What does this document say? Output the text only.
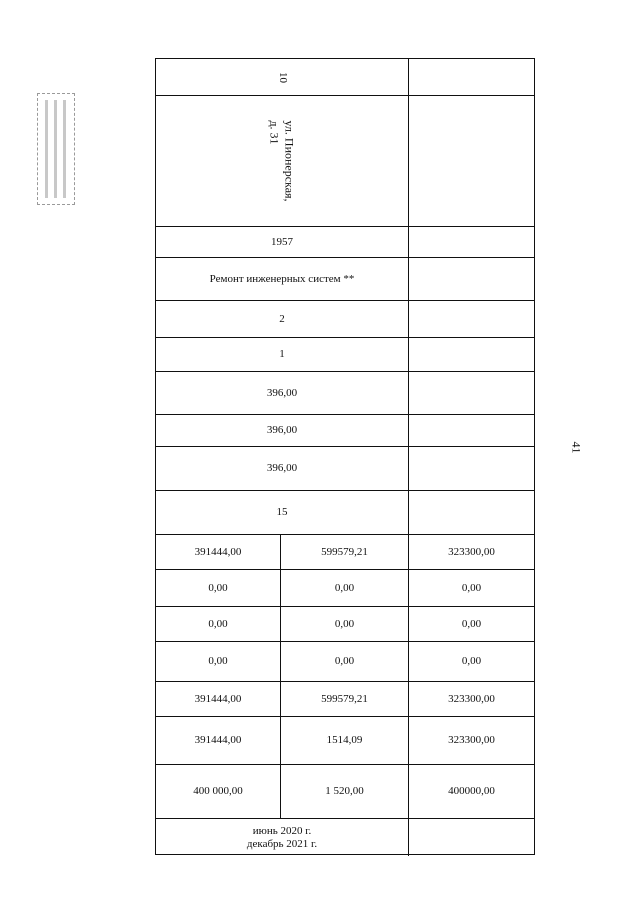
41
10
ул. Пионерская,
д. 31
1957
Ремонт инженерных систем **
2
1
396,00
396,00
396,00
15
391444,00	599579,21	323300,00
0,00	0,00	0,00
0,00	0,00	0,00
0,00	0,00	0,00
391444,00	599579,21	323300,00
391444,00	1514,09	323300,00
400 000,00	1 520,00	400000,00
июнь 2020 г.
декабрь 2021 г.
